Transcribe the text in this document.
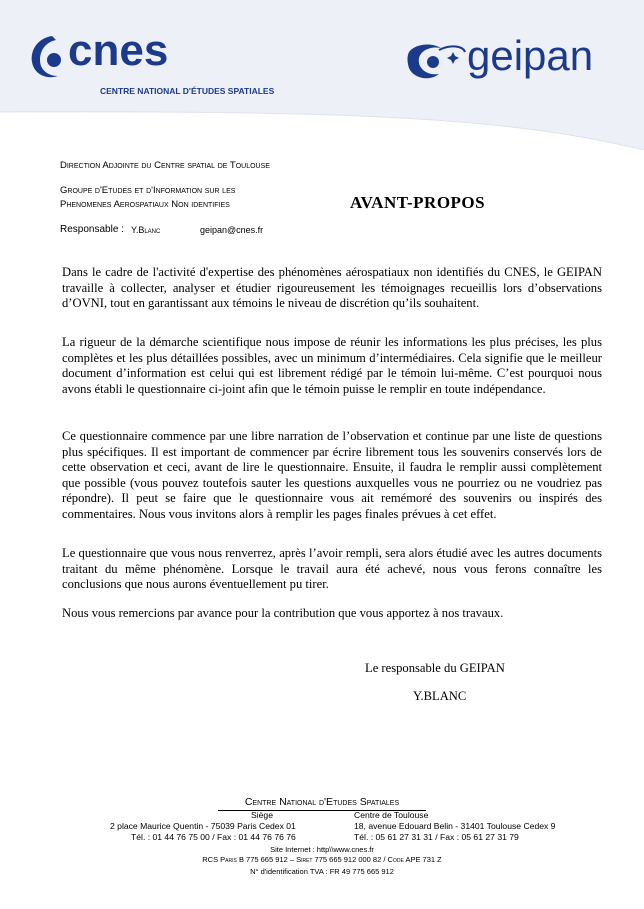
cnes
CENTRE NATIONAL D'ÉTUDES SPATIALES
geipan
Direction Adjointe du Centre spatial de Toulouse
Groupe d'Etudes et d'Information sur les
Phenomenes Aerospatiaux Non identifies
Responsable : Y.Blanc	geipan@cnes.fr
AVANT-PROPOS

Dans le cadre de l'activité d'expertise des phénomènes aérospatiaux non identifiés du CNES, le GEIPAN travaille à collecter, analyser et étudier rigoureusement les témoignages recueillis lors d’observations d’OVNI, tout en garantissant aux témoins le niveau de discrétion qu’ils souhaitent.

La rigueur de la démarche scientifique nous impose de réunir les informations les plus précises, les plus complètes et les plus détaillées possibles, avec un minimum d’intermédiaires. Cela signifie que le meilleur document d’information est celui qui est librement rédigé par le témoin lui-même. C’est pourquoi nous avons établi le questionnaire ci-joint afin que le témoin puisse le remplir en toute indépendance.

Ce questionnaire commence par une libre narration de l’observation et continue par une liste de questions plus spécifiques. Il est important de commencer par écrire librement tous les souvenirs conservés lors de cette observation et ceci, avant de lire le questionnaire. Ensuite, il faudra le remplir aussi complètement que possible (vous pouvez toutefois sauter les questions auxquelles vous ne pourriez ou ne voudriez pas répondre). Il peut se faire que le questionnaire vous ait remémoré des souvenirs ou inspirés des commentaires. Nous vous invitons alors à remplir les pages finales prévues à cet effet.

Le questionnaire que vous nous renverrez, après l’avoir rempli, sera alors étudié avec les autres documents traitant du même phénomène. Lorsque le travail aura été achevé, nous vous ferons connaître les conclusions que nous aurons éventuellement pu tirer.

Nous vous remercions par avance pour la contribution que vous apportez à nos travaux.

Le responsable du GEIPAN
Y.BLANC
Centre National d'Etudes Spatiales
Siège	Centre de Toulouse
2 place Maurice Quentin - 75039 Paris Cedex 01	18, avenue Edouard Belin - 31401 Toulouse Cedex 9
Tél. : 01 44 76 75 00 / Fax : 01 44 76 76 76	Tél. : 05 61 27 31 31 / Fax : 05 61 27 31 79
Site Internet : http\\www.cnes.fr
RCS Paris B 775 665 912 – Siret 775 665 912 000 82 / Code APE 731 Z
N° d'identification TVA : FR 49 775 665 912
